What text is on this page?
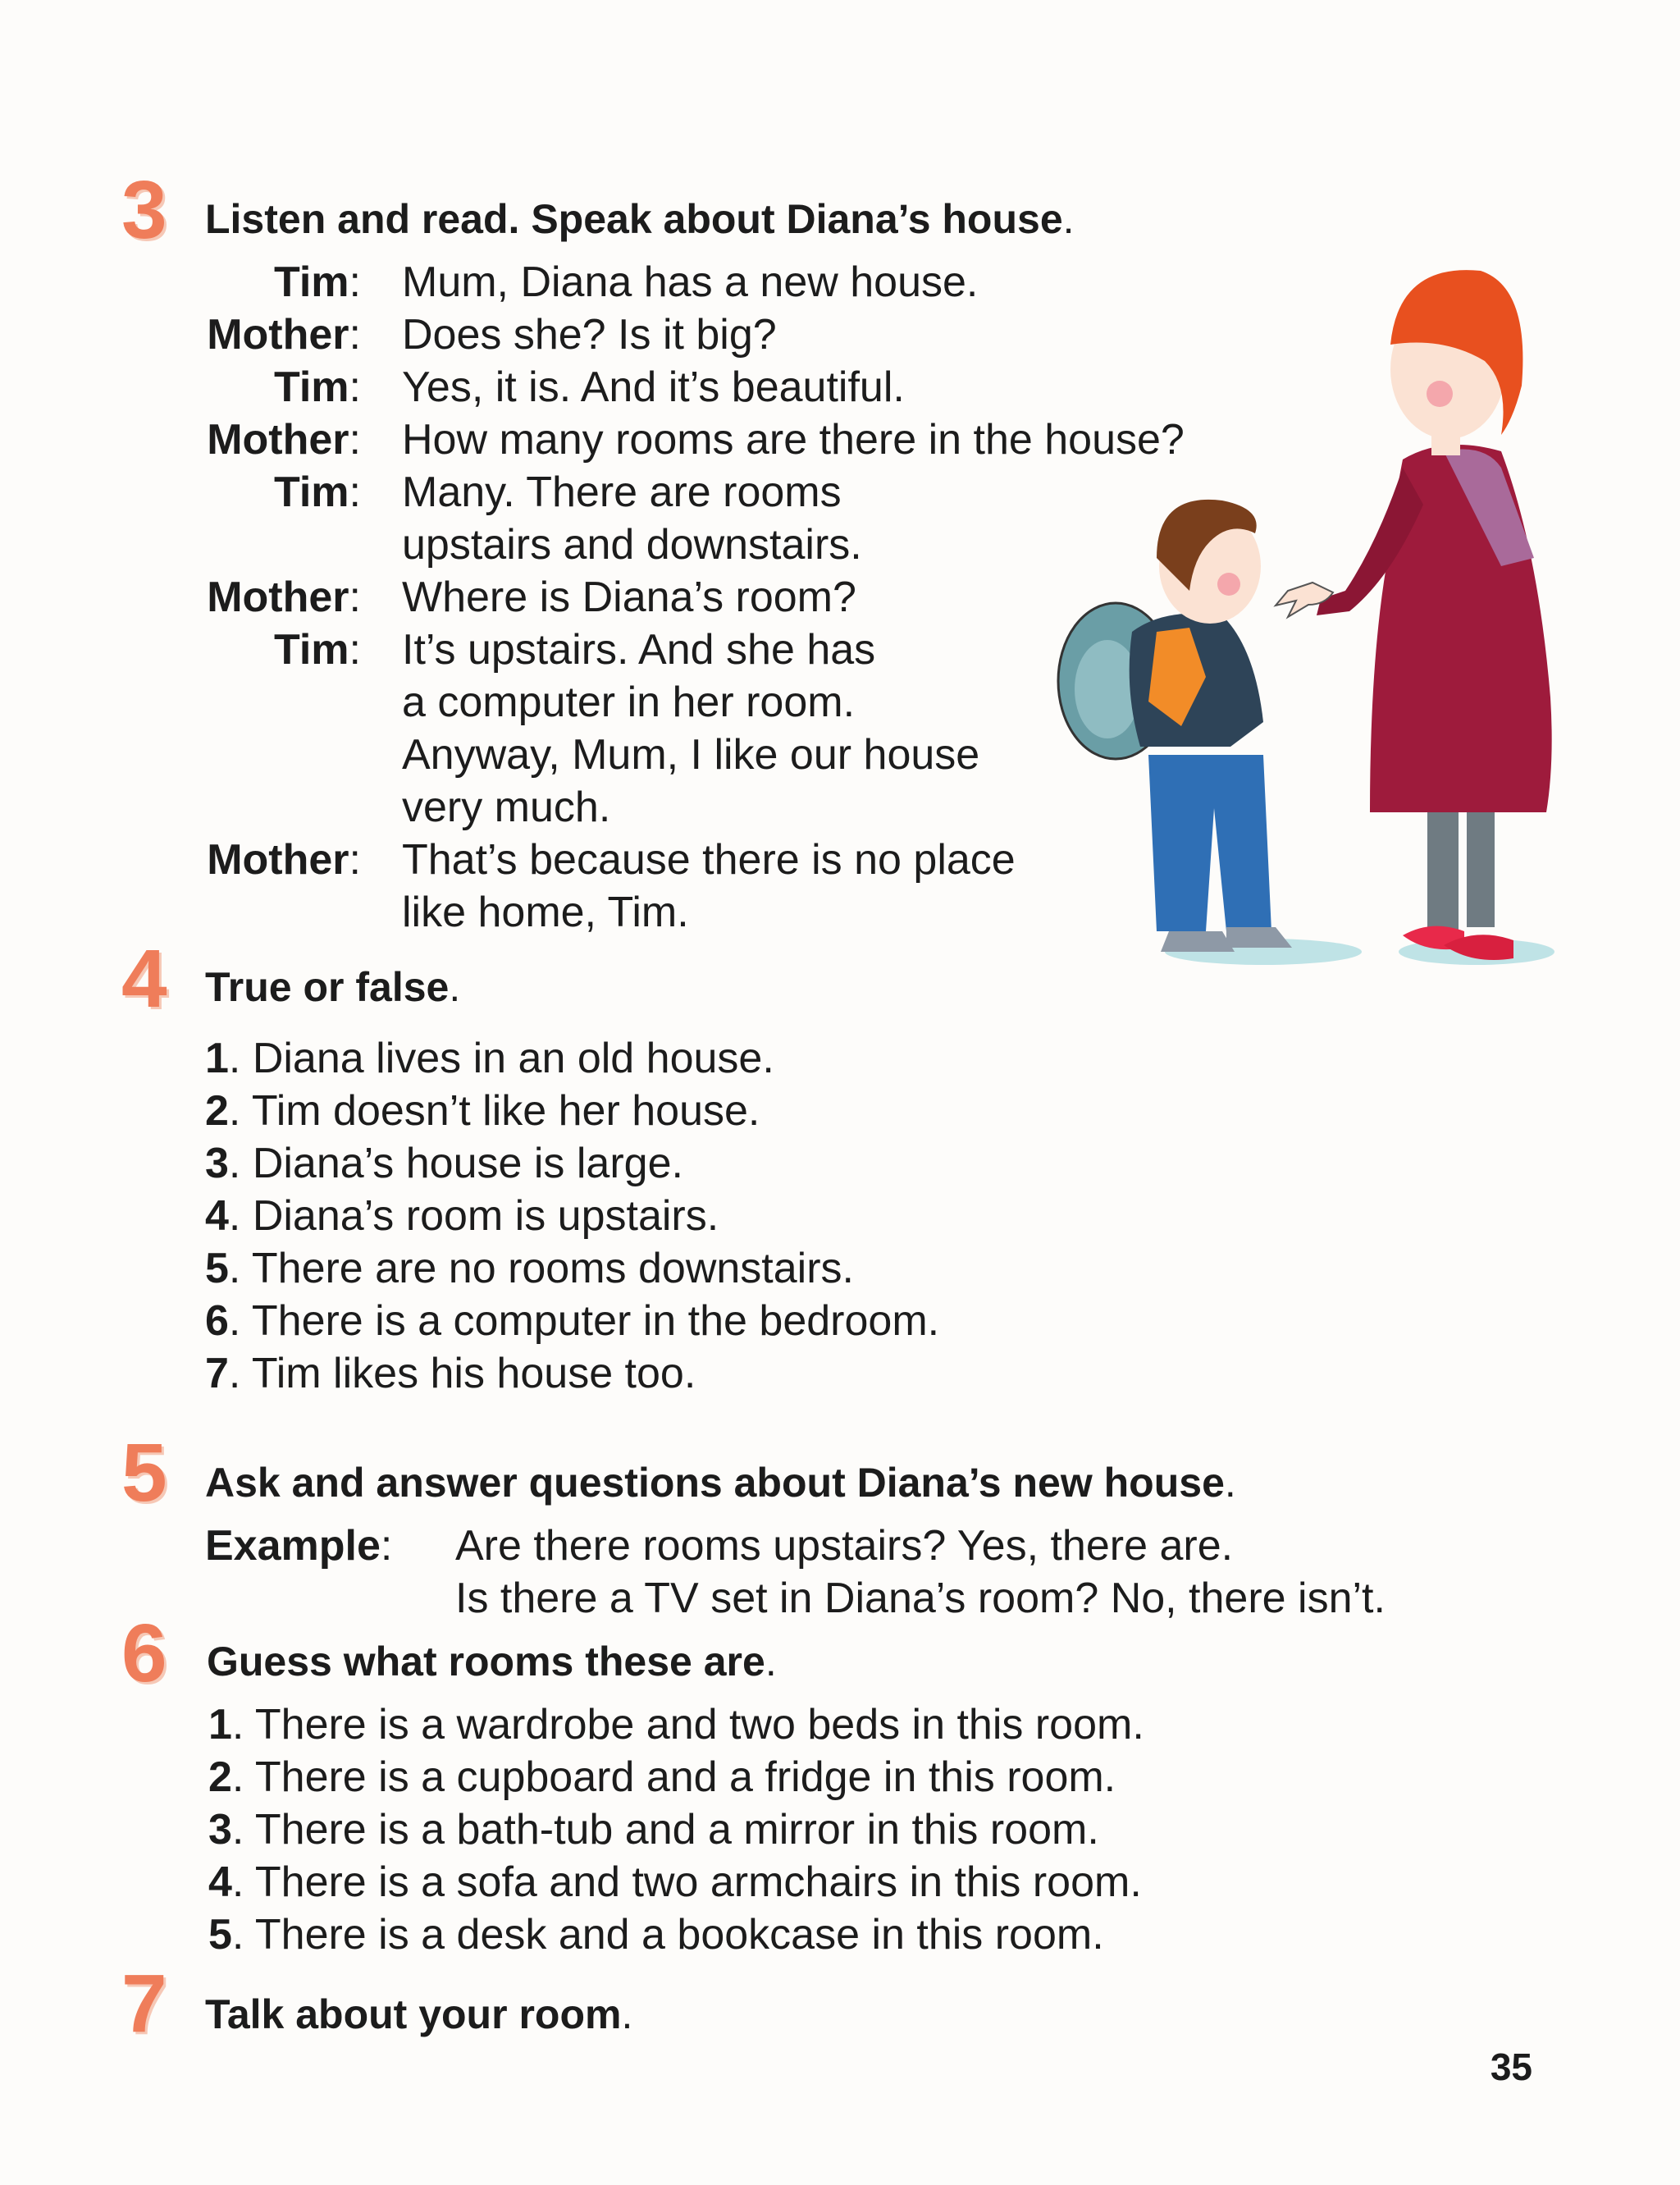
3 Listen and read. Speak about Diana’s house.
Tim: Mum, Diana has a new house.
Mother: Does she? Is it big?
Tim: Yes, it is. And it’s beautiful.
Mother: How many rooms are there in the house?
Tim: Many. There are rooms
upstairs and downstairs.
Mother: Where is Diana’s room?
Tim: It’s upstairs. And she has
a computer in her room.
Anyway, Mum, I like our house
very much.
Mother: That’s because there is no place
like home, Tim.
4 True or false.
1. Diana lives in an old house.
2. Tim doesn’t like her house.
3. Diana’s house is large.
4. Diana’s room is upstairs.
5. There are no rooms downstairs.
6. There is a computer in the bedroom.
7. Tim likes his house too.
5 Ask and answer questions about Diana’s new house.
Example: Are there rooms upstairs? Yes, there are.
Is there a TV set in Diana’s room? No, there isn’t.
6 Guess what rooms these are.
1. There is a wardrobe and two beds in this room.
2. There is a cupboard and a fridge in this room.
3. There is a bath-tub and a mirror in this room.
4. There is a sofa and two armchairs in this room.
5. There is a desk and a bookcase in this room.
7 Talk about your room.
35
